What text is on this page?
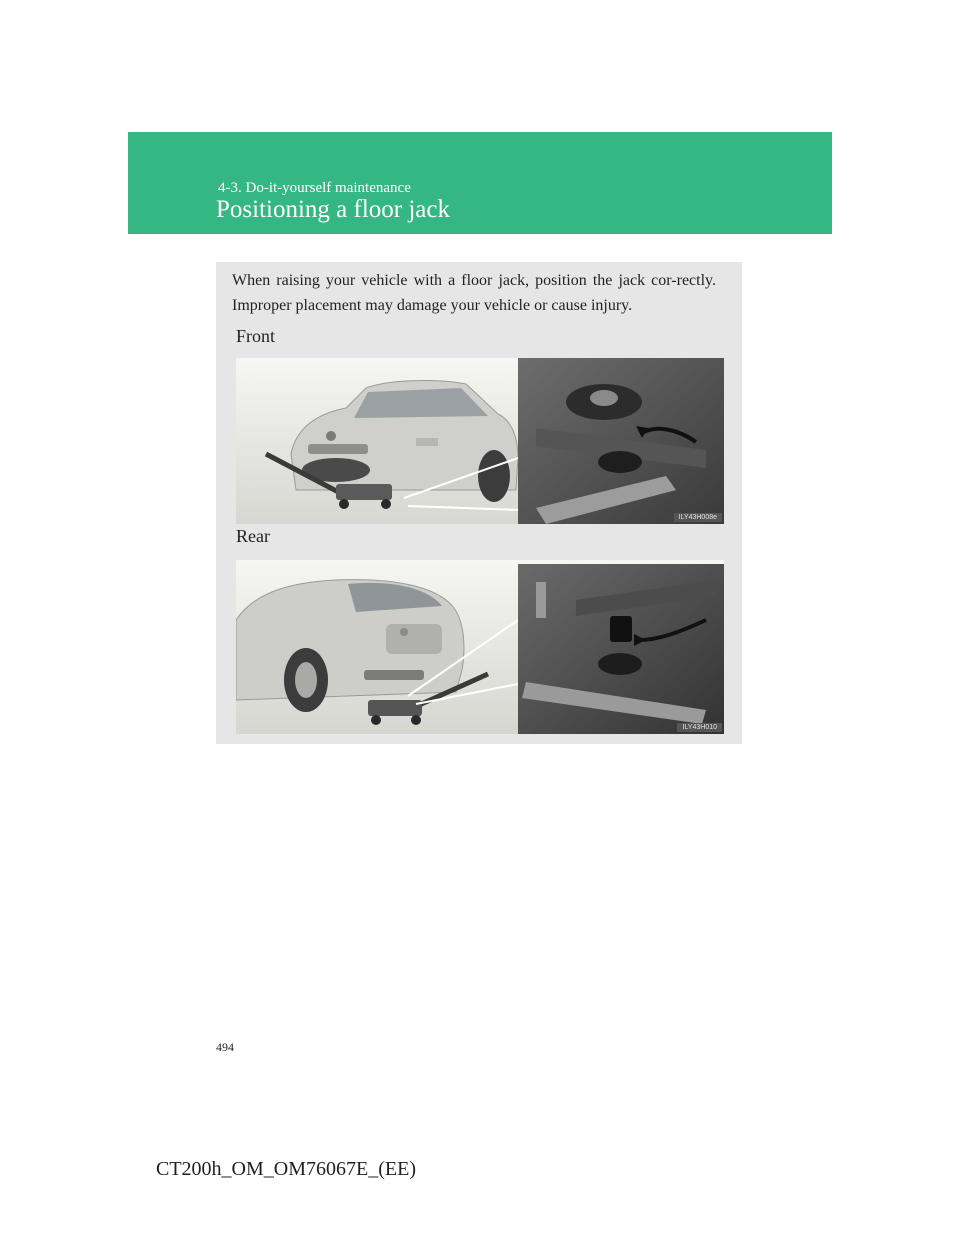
4-3. Do-it-yourself maintenance
Positioning a floor jack
When raising your vehicle with a floor jack, position the jack cor-rectly. Improper placement may damage your vehicle or cause injury.
Front
ILY43H008e
Rear
ILY43H010
494
CT200h_OM_OM76067E_(EE)
